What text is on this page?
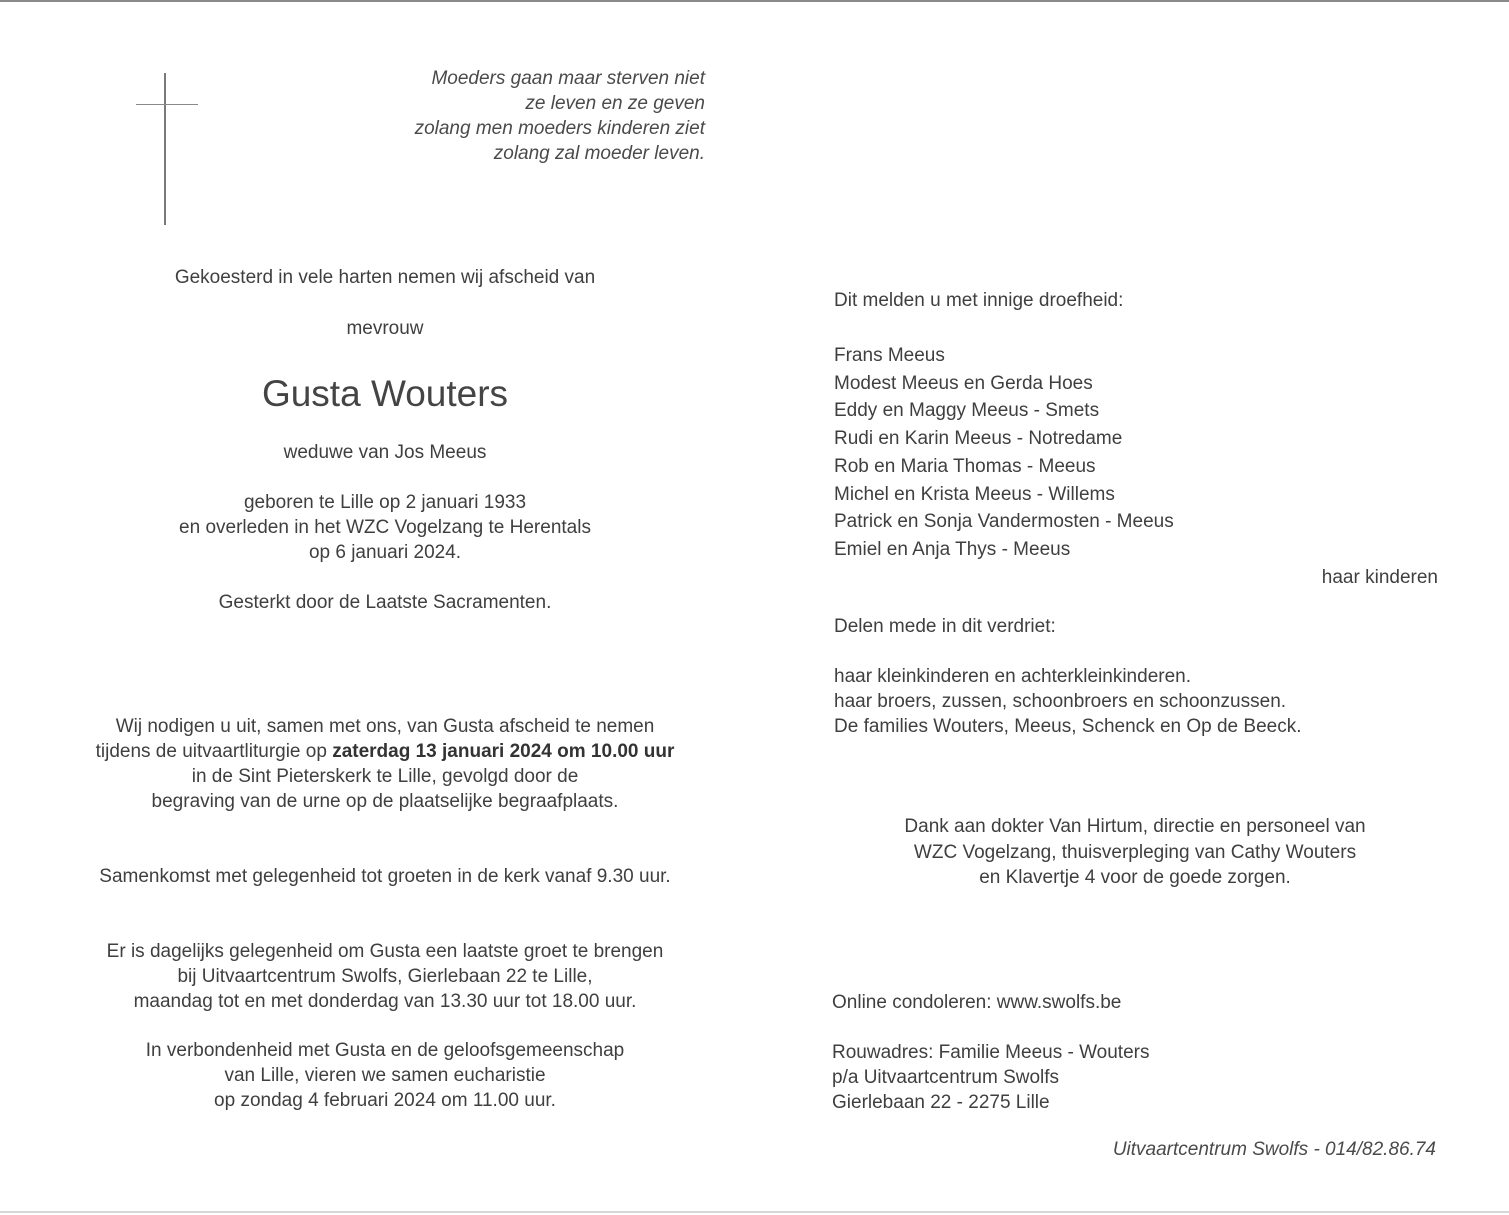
Moeders gaan maar sterven niet
ze leven en ze geven
zolang men moeders kinderen ziet
zolang zal moeder leven.
Gekoesterd in vele harten nemen wij afscheid van
mevrouw
Gusta Wouters
weduwe van Jos Meeus
geboren te Lille op 2 januari 1933
en overleden in het WZC Vogelzang te Herentals
op 6 januari 2024.
Gesterkt door de Laatste Sacramenten.
Wij nodigen u uit, samen met ons, van Gusta afscheid te nemen
tijdens de uitvaartliturgie op zaterdag 13 januari 2024 om 10.00 uur
in de Sint Pieterskerk te Lille, gevolgd door de
begraving van de urne op de plaatselijke begraafplaats.
Samenkomst met gelegenheid tot groeten in de kerk vanaf 9.30 uur.
Er is dagelijks gelegenheid om Gusta een laatste groet te brengen
bij Uitvaartcentrum Swolfs, Gierlebaan 22 te Lille,
maandag tot en met donderdag van 13.30 uur tot 18.00 uur.
In verbondenheid met Gusta en de geloofsgemeenschap
van Lille, vieren we samen eucharistie
op zondag 4 februari 2024 om 11.00 uur.
Dit melden u met innige droefheid:
Frans Meeus
Modest Meeus en Gerda Hoes
Eddy en Maggy Meeus - Smets
Rudi en Karin Meeus - Notredame
Rob en Maria Thomas - Meeus
Michel en Krista Meeus - Willems
Patrick en Sonja Vandermosten - Meeus
Emiel en Anja Thys - Meeus
haar kinderen
Delen mede in dit verdriet:
haar kleinkinderen en achterkleinkinderen.
haar broers, zussen, schoonbroers en schoonzussen.
De families Wouters, Meeus, Schenck en Op de Beeck.
Dank aan dokter Van Hirtum, directie en personeel van
WZC Vogelzang, thuisverpleging van Cathy Wouters
en Klavertje 4 voor de goede zorgen.
Online condoleren: www.swolfs.be
Rouwadres: Familie Meeus - Wouters
p/a Uitvaartcentrum Swolfs
Gierlebaan 22 - 2275 Lille
Uitvaartcentrum Swolfs - 014/82.86.74
